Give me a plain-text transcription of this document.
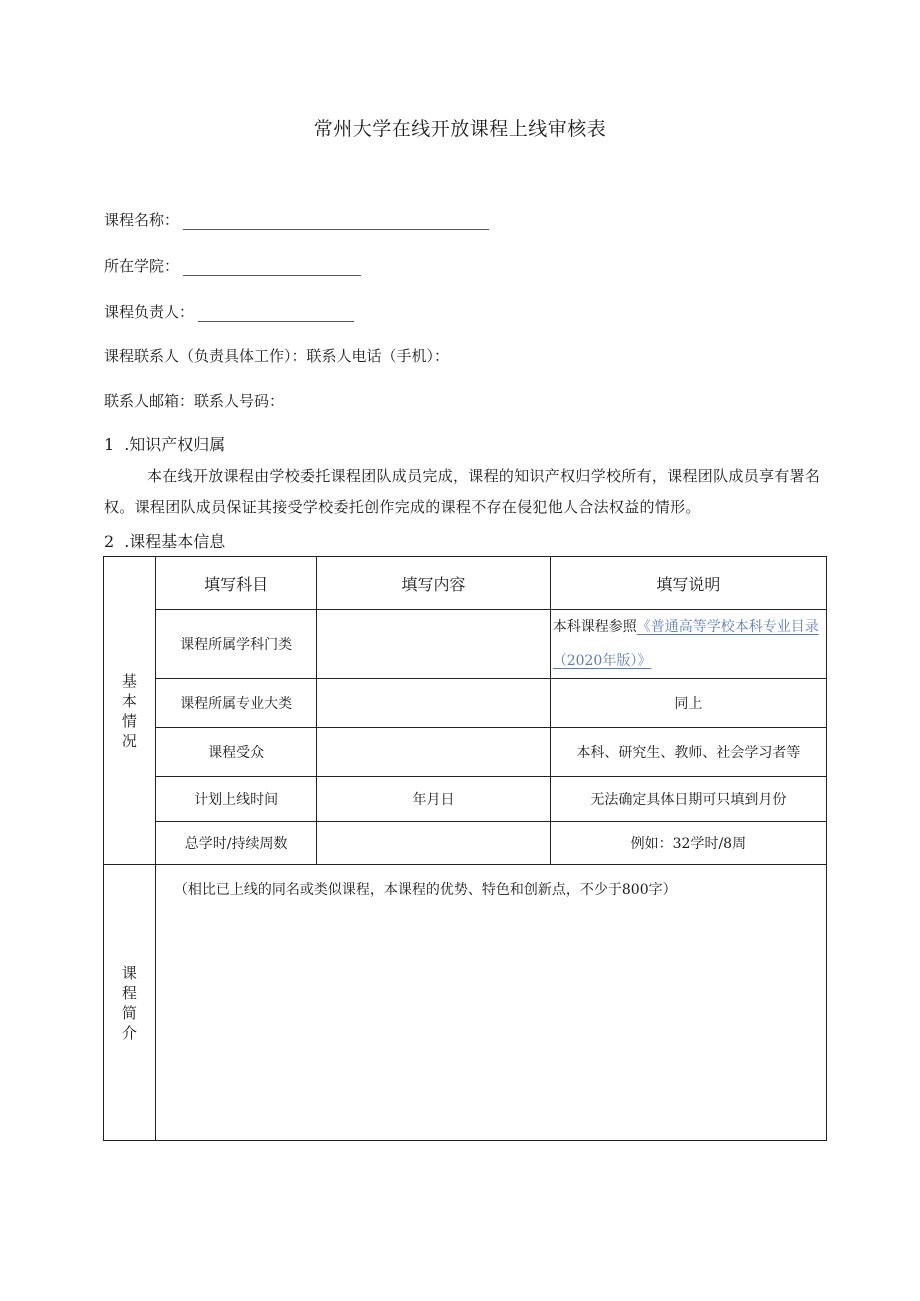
常州大学在线开放课程上线审核表
课程名称：
所在学院：
课程负责人：
课程联系人（负责具体工作）：联系人电话（手机）：
联系人邮箱：联系人号码：
1 .知识产权归属
本在线开放课程由学校委托课程团队成员完成，课程的知识产权归学校所有，课程团队成员享有署名权。课程团队成员保证其接受学校委托创作完成的课程不存在侵犯他人合法权益的情形。
2 .课程基本信息
基本情况	填写科目	填写内容	填写说明
	课程所属学科门类		本科课程参照《普通高等学校本科专业目录（2020年版）》
	课程所属专业大类		同上
	课程受众		本科、研究生、教师、社会学习者等
	计划上线时间	年月日	无法确定具体日期可只填到月份
	总学时/持续周数		例如：32学时/8周
课程简介	（相比已上线的同名或类似课程，本课程的优势、特色和创新点，不少于800字）		
